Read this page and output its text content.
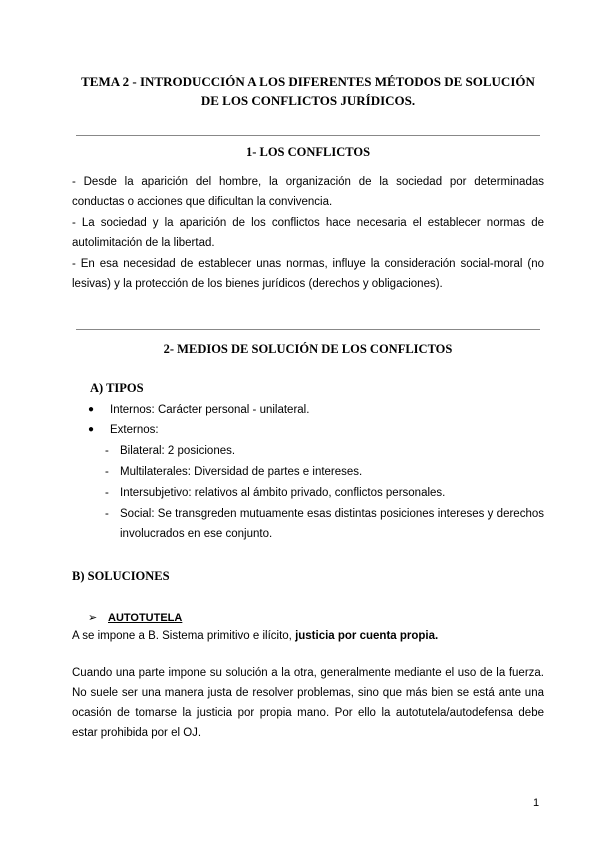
TEMA 2 - INTRODUCCIÓN A LOS DIFERENTES MÉTODOS DE SOLUCIÓN
DE LOS CONFLICTOS JURÍDICOS.
1- LOS CONFLICTOS

- Desde la aparición del hombre, la organización de la sociedad por determinadas conductas o acciones que dificultan la convivencia.

- La sociedad y la aparición de los conflictos hace necesaria el establecer normas de autolimitación de la libertad.

- En esa necesidad de establecer unas normas, influye la consideración social-moral (no lesivas) y la protección de los bienes jurídicos (derechos y obligaciones).

2- MEDIOS DE SOLUCIÓN DE LOS CONFLICTOS
A) TIPOS
● Internos: Carácter personal - unilateral.
● Externos:
- Bilateral: 2 posiciones.
- Multilaterales: Diversidad de partes e intereses.
- Intersubjetivo: relativos al ámbito privado, conflictos personales.
- Social: Se transgreden mutuamente esas distintas posiciones intereses y derechos involucrados en ese conjunto.
B) SOLUCIONES
➢ AUTOTUTELA

A se impone a B. Sistema primitivo e ilícito, justicia por cuenta propia.

Cuando una parte impone su solución a la otra, generalmente mediante el uso de la fuerza. No suele ser una manera justa de resolver problemas, sino que más bien se está ante una ocasión de tomarse la justicia por propia mano. Por ello la autotutela/autodefensa debe estar prohibida por el OJ.

1
